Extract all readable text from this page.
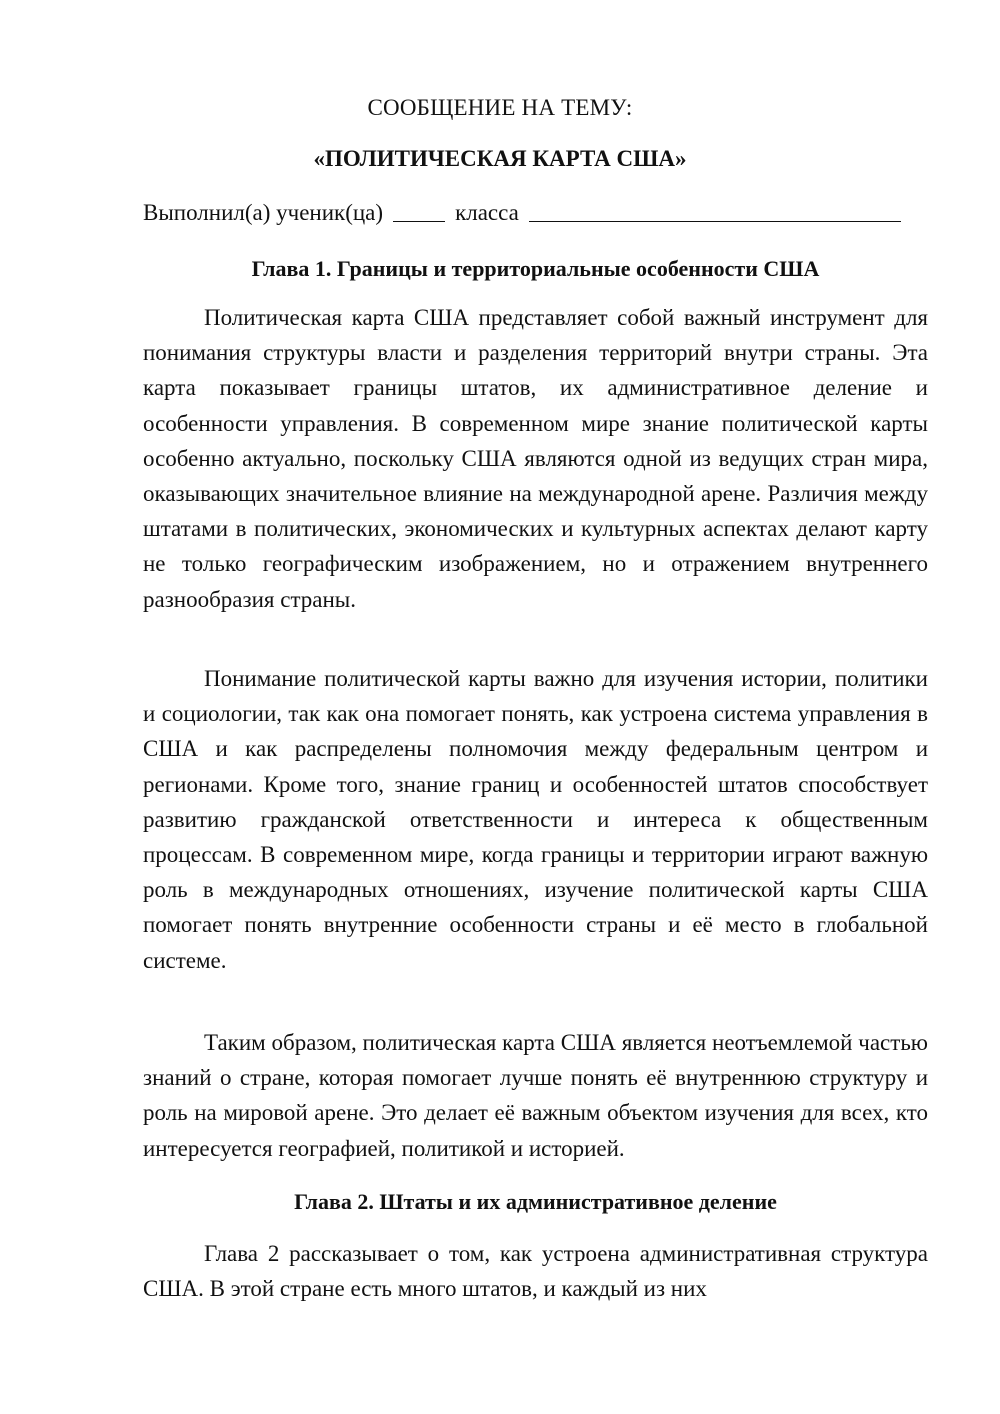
СООБЩЕНИЕ НА ТЕМУ:
«ПОЛИТИЧЕСКАЯ КАРТА США»
Выполнил(а) ученик(ца)	класса
Глава 1. Границы и территориальные особенности США

Политическая карта США представляет собой важный инструмент для понимания структуры власти и разделения территорий внутри страны. Эта карта показывает границы штатов, их административное деление и особенности управления. В современном мире знание политической карты особенно актуально, поскольку США являются одной из ведущих стран мира, оказывающих значительное влияние на международной арене. Различия между штатами в политических, экономических и культурных аспектах делают карту не только географическим изображением, но и отражением внутреннего разнообразия страны.

Понимание политической карты важно для изучения истории, политики и социологии, так как она помогает понять, как устроена система управления в США и как распределены полномочия между федеральным центром и регионами. Кроме того, знание границ и особенностей штатов способствует развитию гражданской ответственности и интереса к общественным процессам. В современном мире, когда границы и территории играют важную роль в международных отношениях, изучение политической карты США помогает понять внутренние особенности страны и её место в глобальной системе.

Таким образом, политическая карта США является неотъемлемой частью знаний о стране, которая помогает лучше понять её внутреннюю структуру и роль на мировой арене. Это делает её важным объектом изучения для всех, кто интересуется географией, политикой и историей.

Глава 2. Штаты и их административное деление

Глава 2 рассказывает о том, как устроена административная структура США. В этой стране есть много штатов, и каждый из них
